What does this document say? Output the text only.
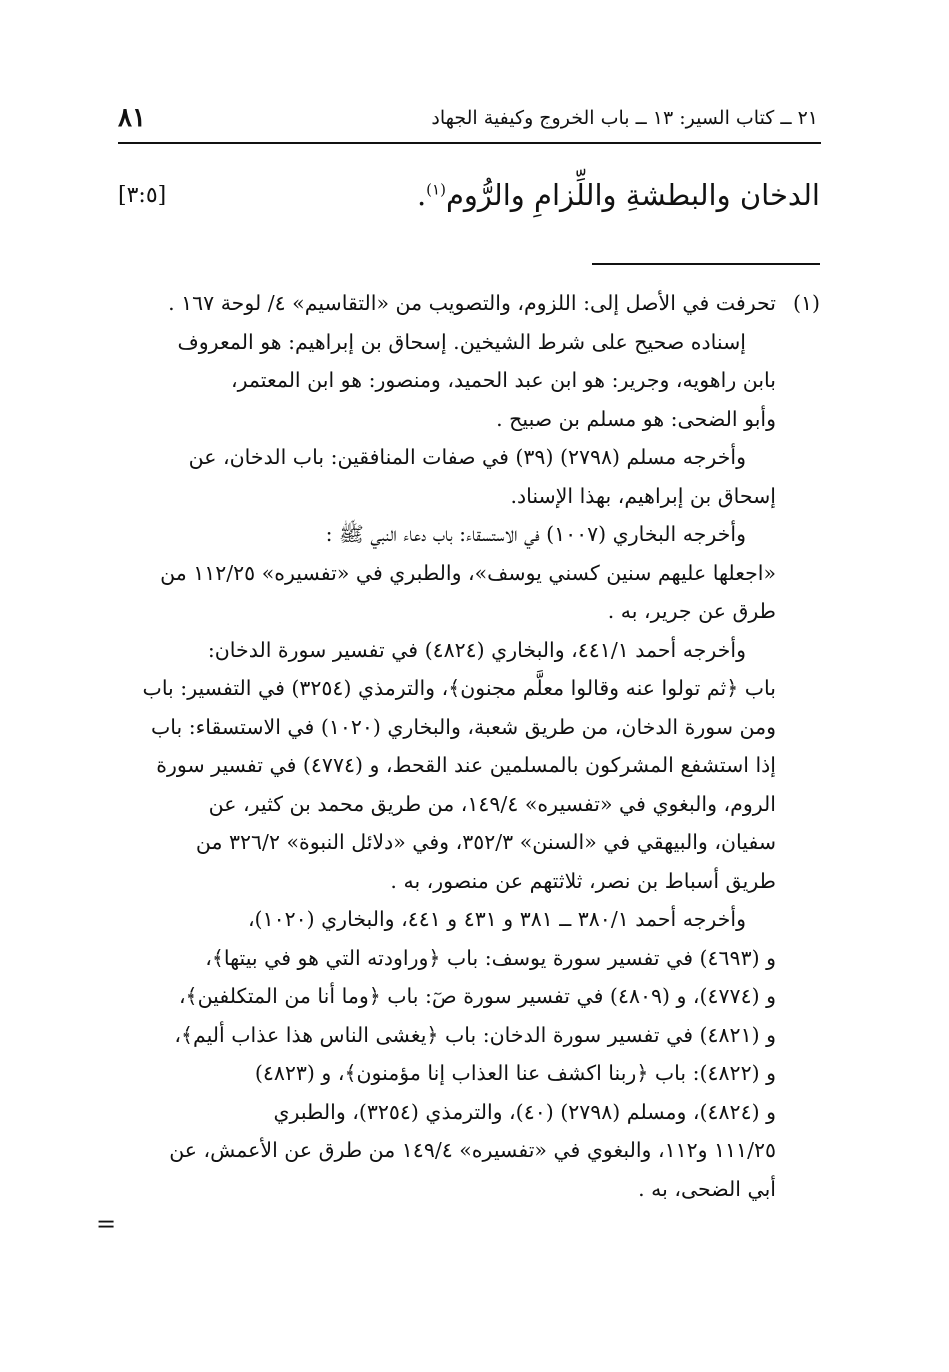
٢١ ــ كتاب السير: ١٣ ــ باب الخروج وكيفية الجهاد
٨١
الدخان والبطشةِ واللِّزامِ والرُّوم$^{(١)}$.
[٣:٥]
(١)
تحرفت في الأصل إلى: اللزوم، والتصويب من «التقاسيم» ٤/ لوحة ١٦٧ .
إسناده صحيح على شرط الشيخين. إسحاق بن إبراهيم: هو المعروف
بابن راهويه، وجرير: هو ابن عبد الحميد، ومنصور: هو ابن المعتمر،
وأبو الضحى: هو مسلم بن صبيح .
وأخرجه مسلم (٢٧٩٨) (٣٩) في صفات المنافقين: باب الدخان، عن
إسحاق بن إبراهيم، بهذا الإسناد.
وأخرجه البخاري (١٠٠٧) في الاستسقاء: باب دعاء النبي ﷺ :
«اجعلها عليهم سنين كسني يوسف»، والطبري في «تفسيره» ١١٢/٢٥ من
طرق عن جرير، به .
وأخرجه أحمد ٤٤١/١، والبخاري (٤٨٢٤) في تفسير سورة الدخان:
باب ﴿ثم تولوا عنه وقالوا معلَّم مجنون﴾، والترمذي (٣٢٥٤) في التفسير: باب
ومن سورة الدخان، من طريق شعبة، والبخاري (١٠٢٠) في الاستسقاء: باب
إذا استشفع المشركون بالمسلمين عند القحط، و (٤٧٧٤) في تفسير سورة
الروم، والبغوي في «تفسيره» ١٤٩/٤، من طريق محمد بن كثير، عن
سفيان، والبيهقي في «السنن» ٣٥٢/٣، وفي «دلائل النبوة» ٣٢٦/٢ من
طريق أسباط بن نصر، ثلاثتهم عن منصور، به .
وأخرجه أحمد ٣٨٠/١ ــ ٣٨١ و ٤٣١ و ٤٤١، والبخاري (١٠٢٠)،
و (٤٦٩٣) في تفسير سورة يوسف: باب ﴿وراودته التي هو في بيتها﴾،
و (٤٧٧٤)، و (٤٨٠٩) في تفسير سورة صٓ: باب ﴿وما أنا من المتكلفين﴾،
و (٤٨٢١) في تفسير سورة الدخان: باب ﴿يغشى الناس هذا عذاب أليم﴾،
و (٤٨٢٢): باب ﴿ربنا اكشف عنا العذاب إنا مؤمنون﴾، و (٤٨٢٣)
و (٤٨٢٤)، ومسلم (٢٧٩٨) (٤٠)، والترمذي (٣٢٥٤)، والطبري
١١١/٢٥ و١١٢، والبغوي في «تفسيره» ١٤٩/٤ من طرق عن الأعمش، عن
أبي الضحى، به .
=
